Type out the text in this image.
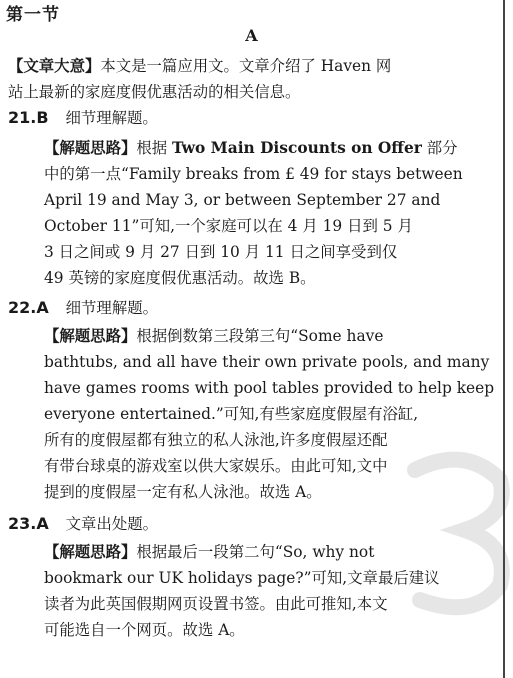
第一节
A
【文章大意】本文是一篇应用文。文章介绍了 Haven 网
站上最新的家庭度假优惠活动的相关信息。
21.B 细节理解题。
【解题思路】根据 Two Main Discounts on Offer 部分
中的第一点“Family breaks from £ 49 for stays between
April 19 and May 3, or between September 27 and
October 11”可知,一个家庭可以在 4 月 19 日到 5 月
3 日之间或 9 月 27 日到 10 月 11 日之间享受到仅
49 英镑的家庭度假优惠活动。故选 B。
22.A 细节理解题。
【解题思路】根据倒数第三段第三句“Some have
bathtubs, and all have their own private pools, and many
have games rooms with pool tables provided to help keep
everyone entertained.”可知,有些家庭度假屋有浴缸,
所有的度假屋都有独立的私人泳池,许多度假屋还配
有带台球桌的游戏室以供大家娱乐。由此可知,文中
提到的度假屋一定有私人泳池。故选 A。
23.A 文章出处题。
【解题思路】根据最后一段第二句“So, why not
bookmark our UK holidays page?”可知,文章最后建议
读者为此英国假期网页设置书签。由此可推知,本文
可能选自一个网页。故选 A。
